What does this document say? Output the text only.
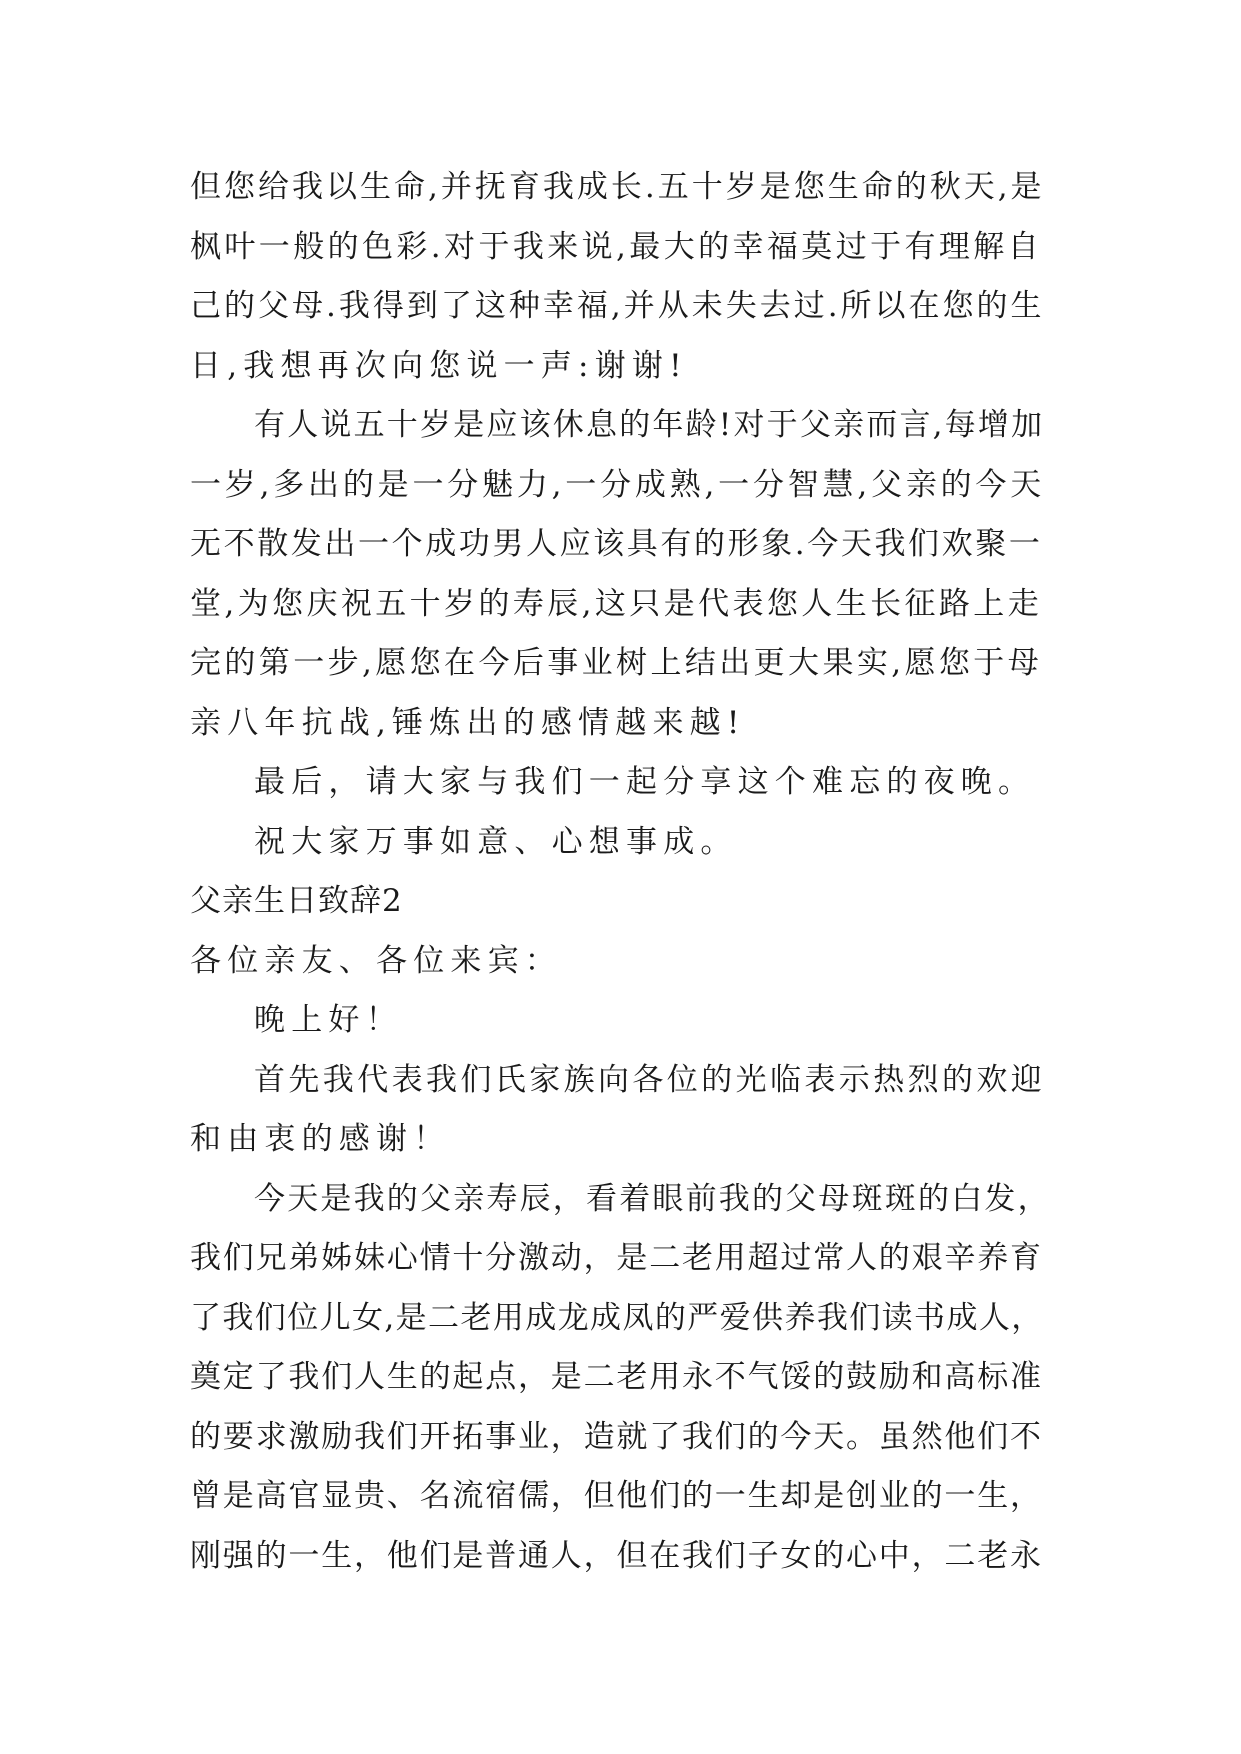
但您给我以生命,并抚育我成长.五十岁是您生命的秋天,是
枫叶一般的色彩.对于我来说,最大的幸福莫过于有理解自
己的父母.我得到了这种幸福,并从未失去过.所以在您的生
日,我想再次向您说一声:谢谢!
有人说五十岁是应该休息的年龄!对于父亲而言,每增加
一岁,多出的是一分魅力,一分成熟,一分智慧,父亲的今天
无不散发出一个成功男人应该具有的形象.今天我们欢聚一
堂,为您庆祝五十岁的寿辰,这只是代表您人生长征路上走
完的第一步,愿您在今后事业树上结出更大果实,愿您于母
亲八年抗战,锤炼出的感情越来越!
最后，请大家与我们一起分享这个难忘的夜晚。
祝大家万事如意、心想事成。
父亲生日致辞2
各位亲友、各位来宾：
晚上好！
首先我代表我们氏家族向各位的光临表示热烈的欢迎
和由衷的感谢！
今天是我的父亲寿辰，看着眼前我的父母斑斑的白发，
我们兄弟姊妹心情十分激动，是二老用超过常人的艰辛养育
了我们位儿女,是二老用成龙成凤的严爱供养我们读书成人，
奠定了我们人生的起点，是二老用永不气馁的鼓励和高标准
的要求激励我们开拓事业，造就了我们的今天。虽然他们不
曾是高官显贵、名流宿儒，但他们的一生却是创业的一生，
刚强的一生，他们是普通人，但在我们子女的心中，二老永
